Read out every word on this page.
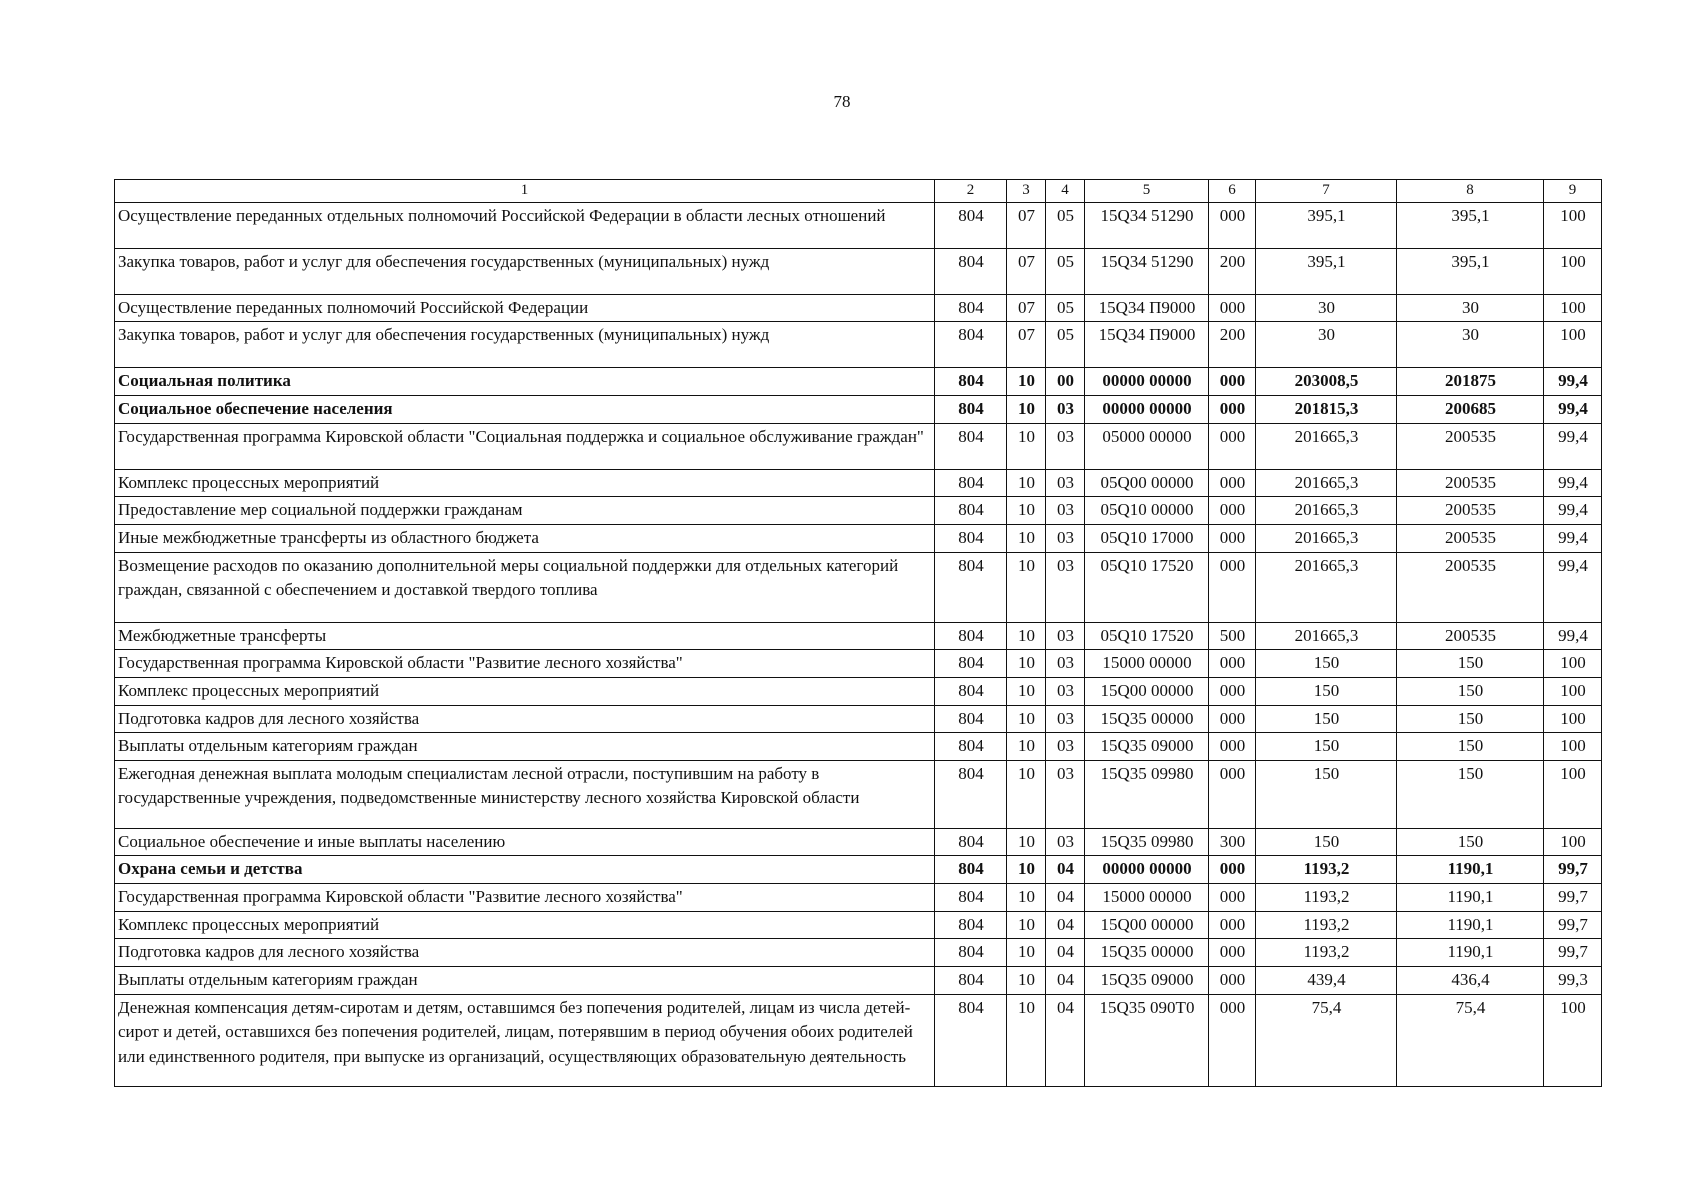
78
1	2	3	4	5	6	7	8	9
Осуществление переданных отдельных полномочий Российской Федерации в области лесных отношений	804	07	05	15Q34 51290	000	395,1	395,1	100
Закупка товаров, работ и услуг для обеспечения государственных (муниципальных) нужд	804	07	05	15Q34 51290	200	395,1	395,1	100
Осуществление переданных полномочий Российской Федерации	804	07	05	15Q34 П9000	000	30	30	100
Закупка товаров, работ и услуг для обеспечения государственных (муниципальных) нужд	804	07	05	15Q34 П9000	200	30	30	100
Социальная политика	804	10	00	00000 00000	000	203008,5	201875	99,4
Социальное обеспечение населения	804	10	03	00000 00000	000	201815,3	200685	99,4
Государственная программа Кировской области "Социальная поддержка и социальное обслуживание граждан"	804	10	03	05000 00000	000	201665,3	200535	99,4
Комплекс процессных мероприятий	804	10	03	05Q00 00000	000	201665,3	200535	99,4
Предоставление мер социальной поддержки гражданам	804	10	03	05Q10 00000	000	201665,3	200535	99,4
Иные межбюджетные трансферты из областного бюджета	804	10	03	05Q10 17000	000	201665,3	200535	99,4
Возмещение расходов по оказанию дополнительной меры социальной поддержки для отдельных категорий граждан, связанной с обеспечением и доставкой твердого топлива	804	10	03	05Q10 17520	000	201665,3	200535	99,4
Межбюджетные трансферты	804	10	03	05Q10 17520	500	201665,3	200535	99,4
Государственная программа Кировской области "Развитие лесного хозяйства"	804	10	03	15000 00000	000	150	150	100
Комплекс процессных мероприятий	804	10	03	15Q00 00000	000	150	150	100
Подготовка кадров для лесного хозяйства	804	10	03	15Q35 00000	000	150	150	100
Выплаты отдельным категориям граждан	804	10	03	15Q35 09000	000	150	150	100
Ежегодная денежная выплата молодым специалистам лесной отрасли, поступившим на работу в государственные учреждения, подведомственные министерству лесного хозяйства Кировской области	804	10	03	15Q35 09980	000	150	150	100
Социальное обеспечение и иные выплаты населению	804	10	03	15Q35 09980	300	150	150	100
Охрана семьи и детства	804	10	04	00000 00000	000	1193,2	1190,1	99,7
Государственная программа Кировской области "Развитие лесного хозяйства"	804	10	04	15000 00000	000	1193,2	1190,1	99,7
Комплекс процессных мероприятий	804	10	04	15Q00 00000	000	1193,2	1190,1	99,7
Подготовка кадров для лесного хозяйства	804	10	04	15Q35 00000	000	1193,2	1190,1	99,7
Выплаты отдельным категориям граждан	804	10	04	15Q35 09000	000	439,4	436,4	99,3
Денежная компенсация детям-сиротам и детям, оставшимся без попечения родителей, лицам из числа детей-сирот и детей, оставшихся без попечения родителей, лицам, потерявшим в период обучения обоих родителей или единственного родителя, при выпуске из организаций, осуществляющих образовательную деятельность	804	10	04	15Q35 090Т0	000	75,4	75,4	100
